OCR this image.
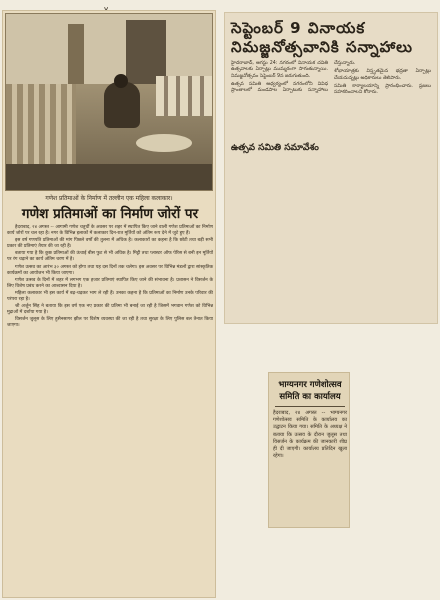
गणेश प्रतिमाओं के निर्माण में तल्लीन एक महिला कलाकार।
गणेश प्रतिमाओं का निर्माण जोरों पर

हैदराबाद, २४ अगस्त -- आगामी गणेश चतुर्थी के अवसर पर शहर में स्थापित किए जाने वाली गणेश प्रतिमाओं का निर्माण कार्य जोरों पर चल रहा है। नगर के विभिन्न इलाकों में कलाकार दिन-रात मूर्तियों को अंतिम रूप देने में जुटे हुए हैं।

इस वर्ष गणपति प्रतिमाओं की मांग पिछले वर्षों की तुलना में अधिक है। कलाकारों का कहना है कि छोटी तथा बड़ी सभी प्रकार की प्रतिमाएं तैयार की जा रही हैं।

बताया गया है कि कुछ प्रतिमाओं की ऊंचाई बीस फुट से भी अधिक है। मिट्टी तथा प्लास्टर ऑफ पेरिस से बनी इन मूर्तियों पर रंग चढ़ाने का कार्य अंतिम चरण में है।

गणेश उत्सव का आरंभ ३० अगस्त को होगा तथा यह दस दिनों तक चलेगा। इस अवसर पर विभिन्न मंडलों द्वारा सांस्कृतिक कार्यक्रमों का आयोजन भी किया जाएगा।

गणेश उत्सव के दिनों में शहर में लगभग एक हजार प्रतिमाएं स्थापित किए जाने की संभावना है। प्रशासन ने विसर्जन के लिए विशेष प्रबंध करने का आश्वासन दिया है।

महिला कलाकार भी इस कार्य में बढ़-चढ़कर भाग ले रही हैं। उनका कहना है कि प्रतिमाओं का निर्माण उनके परिवार की परंपरा रहा है।

श्री अर्जुन सिंह ने बताया कि इस वर्ष एक नए प्रकार की प्रतिमा भी बनाई जा रही है जिसमें भगवान गणेश को विभिन्न मुद्राओं में दर्शाया गया है।

विसर्जन जुलूस के लिए हुसैनसागर झील पर विशेष व्यवस्था की जा रही है तथा सुरक्षा के लिए पुलिस बल तैनात किया जाएगा।

సెప్టెంబర్ 9 వినాయక నిమజ్జనోత్సవానికి సన్నాహాలు

హైదరాబాద్, ఆగస్టు 24: నగరంలో వినాయక చవితి ఉత్సవాలకు ఏర్పాట్లు ముమ్మరంగా సాగుతున్నాయి. నిమజ్జనోత్సవం సెప్టెంబర్ 9న జరుగుతుంది.

ఉత్సవ సమితి ఆధ్వర్యంలో నగరంలోని వివిధ ప్రాంతాలలో మండపాల ఏర్పాటుకు సన్నాహాలు చేస్తున్నారు.

శోభాయాత్రకు విస్తృతమైన భద్రతా ఏర్పాట్లు చేయనున్నట్లు అధికారులు తెలిపారు.

సమితి కార్యాలయాన్ని ప్రారంభించారు. ప్రజలు సహకరించాలని కోరారు.

ఉత్సవ సమితి సమావేశం
भाग्यनगर गणेशोत्सव समिति का कार्यालय
हैदराबाद, २४ अगस्त -- भाग्यनगर गणेशोत्सव समिति के कार्यालय का उद्घाटन किया गया। समिति के अध्यक्ष ने बताया कि उत्सव के दौरान जुलूस तथा विसर्जन के कार्यक्रम की जानकारी शीघ्र ही दी जाएगी। कार्यालय प्रतिदिन खुला रहेगा।
